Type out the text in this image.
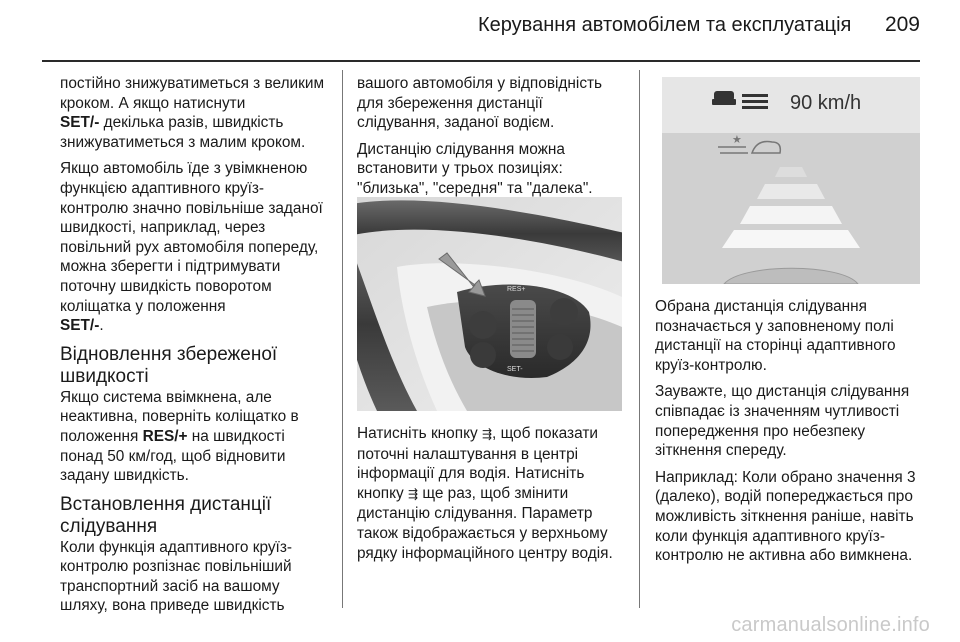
Керування автомобілем та експлуатація 209

постійно знижуватиметься з великим кроком. А якщо натиснути
SET/- декілька разів, швидкість знижуватиметься з малим кроком.

Якщо автомобіль їде з увімкненою функцією адаптивного круїз-контролю значно повільніше заданої швидкості, наприклад, через повільний рух автомобіля попереду, можна зберегти і підтримувати поточну швидкість поворотом коліщатка у положення
SET/-.

Відновлення збереженої швидкості

Якщо система ввімкнена, але неактивна, поверніть коліщатко в положення RES/+ на швидкості понад 50 км/год, щоб відновити задану швидкість.

Встановлення дистанції слідування

Коли функція адаптивного круїз-контролю розпізнає повільніший транспортний засіб на вашому шляху, вона приведе швидкість

вашого автомобіля у відповідність для збереження дистанції слідування, заданої водієм.

Дистанцію слідування можна встановити у трьох позиціях: "близька", "середня" та "далека".

RES+
SET-

Натисніть кнопку ⇶, щоб показати поточні налаштування в центрі інформації для водія. Натисніть кнопку ⇶ ще раз, щоб змінити дистанцію слідування. Параметр також відображається у верхньому рядку інформаційного центру водія.

90 km/h
★

Обрана дистанція слідування позначається у заповненому полі дистанції на сторінці адаптивного круїз-контролю.

Зауважте, що дистанція слідування співпадає із значенням чутливості попередження про небезпеку зіткнення спереду.

Наприклад: Коли обрано значення 3 (далеко), водій попереджається про можливість зіткнення раніше, навіть коли функція адаптивного круїз-контролю не активна або вимкнена.

carmanualsonline.info
